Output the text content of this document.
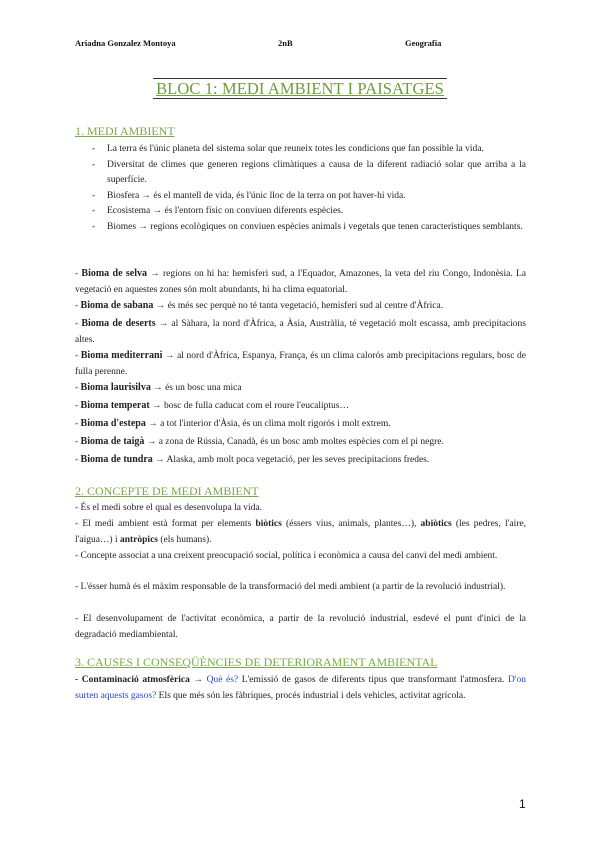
Ariadna Gonzalez Montoya	2nB	Geografia
BLOC 1: MEDI AMBIENT I PAISATGES
1. MEDI AMBIENT
- La terra és l'únic planeta del sistema solar que reuneix totes les condicions que fan possible la vida.
- Diversitat de climes que generen regions climàtiques a causa de la diferent radiació solar que arriba a la superfície.
- Biosfera → és el mantell de vida, és l'únic lloc de la terra on pot haver-hi vida.
- Ecosistema → és l'entorn físic on conviuen diferents espècies.
- Biomes → regions ecològiques on conviuen espècies animals i vegetals que tenen característiques semblants.
- Bioma de selva → regions on hi ha: hemisferi sud, a l'Equador, Amazones, la veta del riu Congo, Indonèsia. La vegetació en aquestes zones són molt abundants, hi ha clima equatorial.
- Bioma de sabana → és més sec perquè no té tanta vegetació, hemisferi sud al centre d'Àfrica.
- Bioma de deserts → al Sàhara, la nord d'Àfrica, a Àsia, Austràlia, té vegetació molt escassa, amb precipitacions altes.
- Bioma mediterrani → al nord d'Àfrica, Espanya, França, és un clima calorós amb precipitacions regulars, bosc de fulla perenne.
- Bioma laurisilva → és un bosc una mica
- Bioma temperat → bosc de fulla caducat com el roure l'eucaliptus…
- Bioma d'estepa → a tot l'interior d'Àsia, és un clima molt rigorós i molt extrem.
- Bioma de taigà → a zona de Rússia, Canadà, és un bosc amb moltes espècies com el pi negre.
- Bioma de tundra → Alaska, amb molt poca vegetació, per les seves precipitacions fredes.
2. CONCEPTE DE MEDI AMBIENT
- És el medi sobre el qual es desenvolupa la vida.
- El medi ambient està format per elements biòtics (éssers vius, animals, plantes…), abiòtics (les pedres, l'aire, l'aigua…) i antròpics (els humans).
- Concepte associat a una creixent preocupació social, política i econòmica a causa del canvi del medi ambient.
- L'ésser humà és el màxim responsable de la transformació del medi ambient (a partir de la revolució industrial).
- El desenvolupament de l'activitat econòmica, a partir de la revolució industrial, esdevé el punt d'inici de la degradació mediambiental.
3. CAUSES I CONSEQÜÈNCIES DE DETERIORAMENT AMBIENTAL
- Contaminació atmosfèrica → Què és? L'emissió de gasos de diferents tipus que transformant l'atmosfera. D'on surten aquests gasos? Els que més són les fàbriques, procés industrial i dels vehicles, activitat agrícola.
1
